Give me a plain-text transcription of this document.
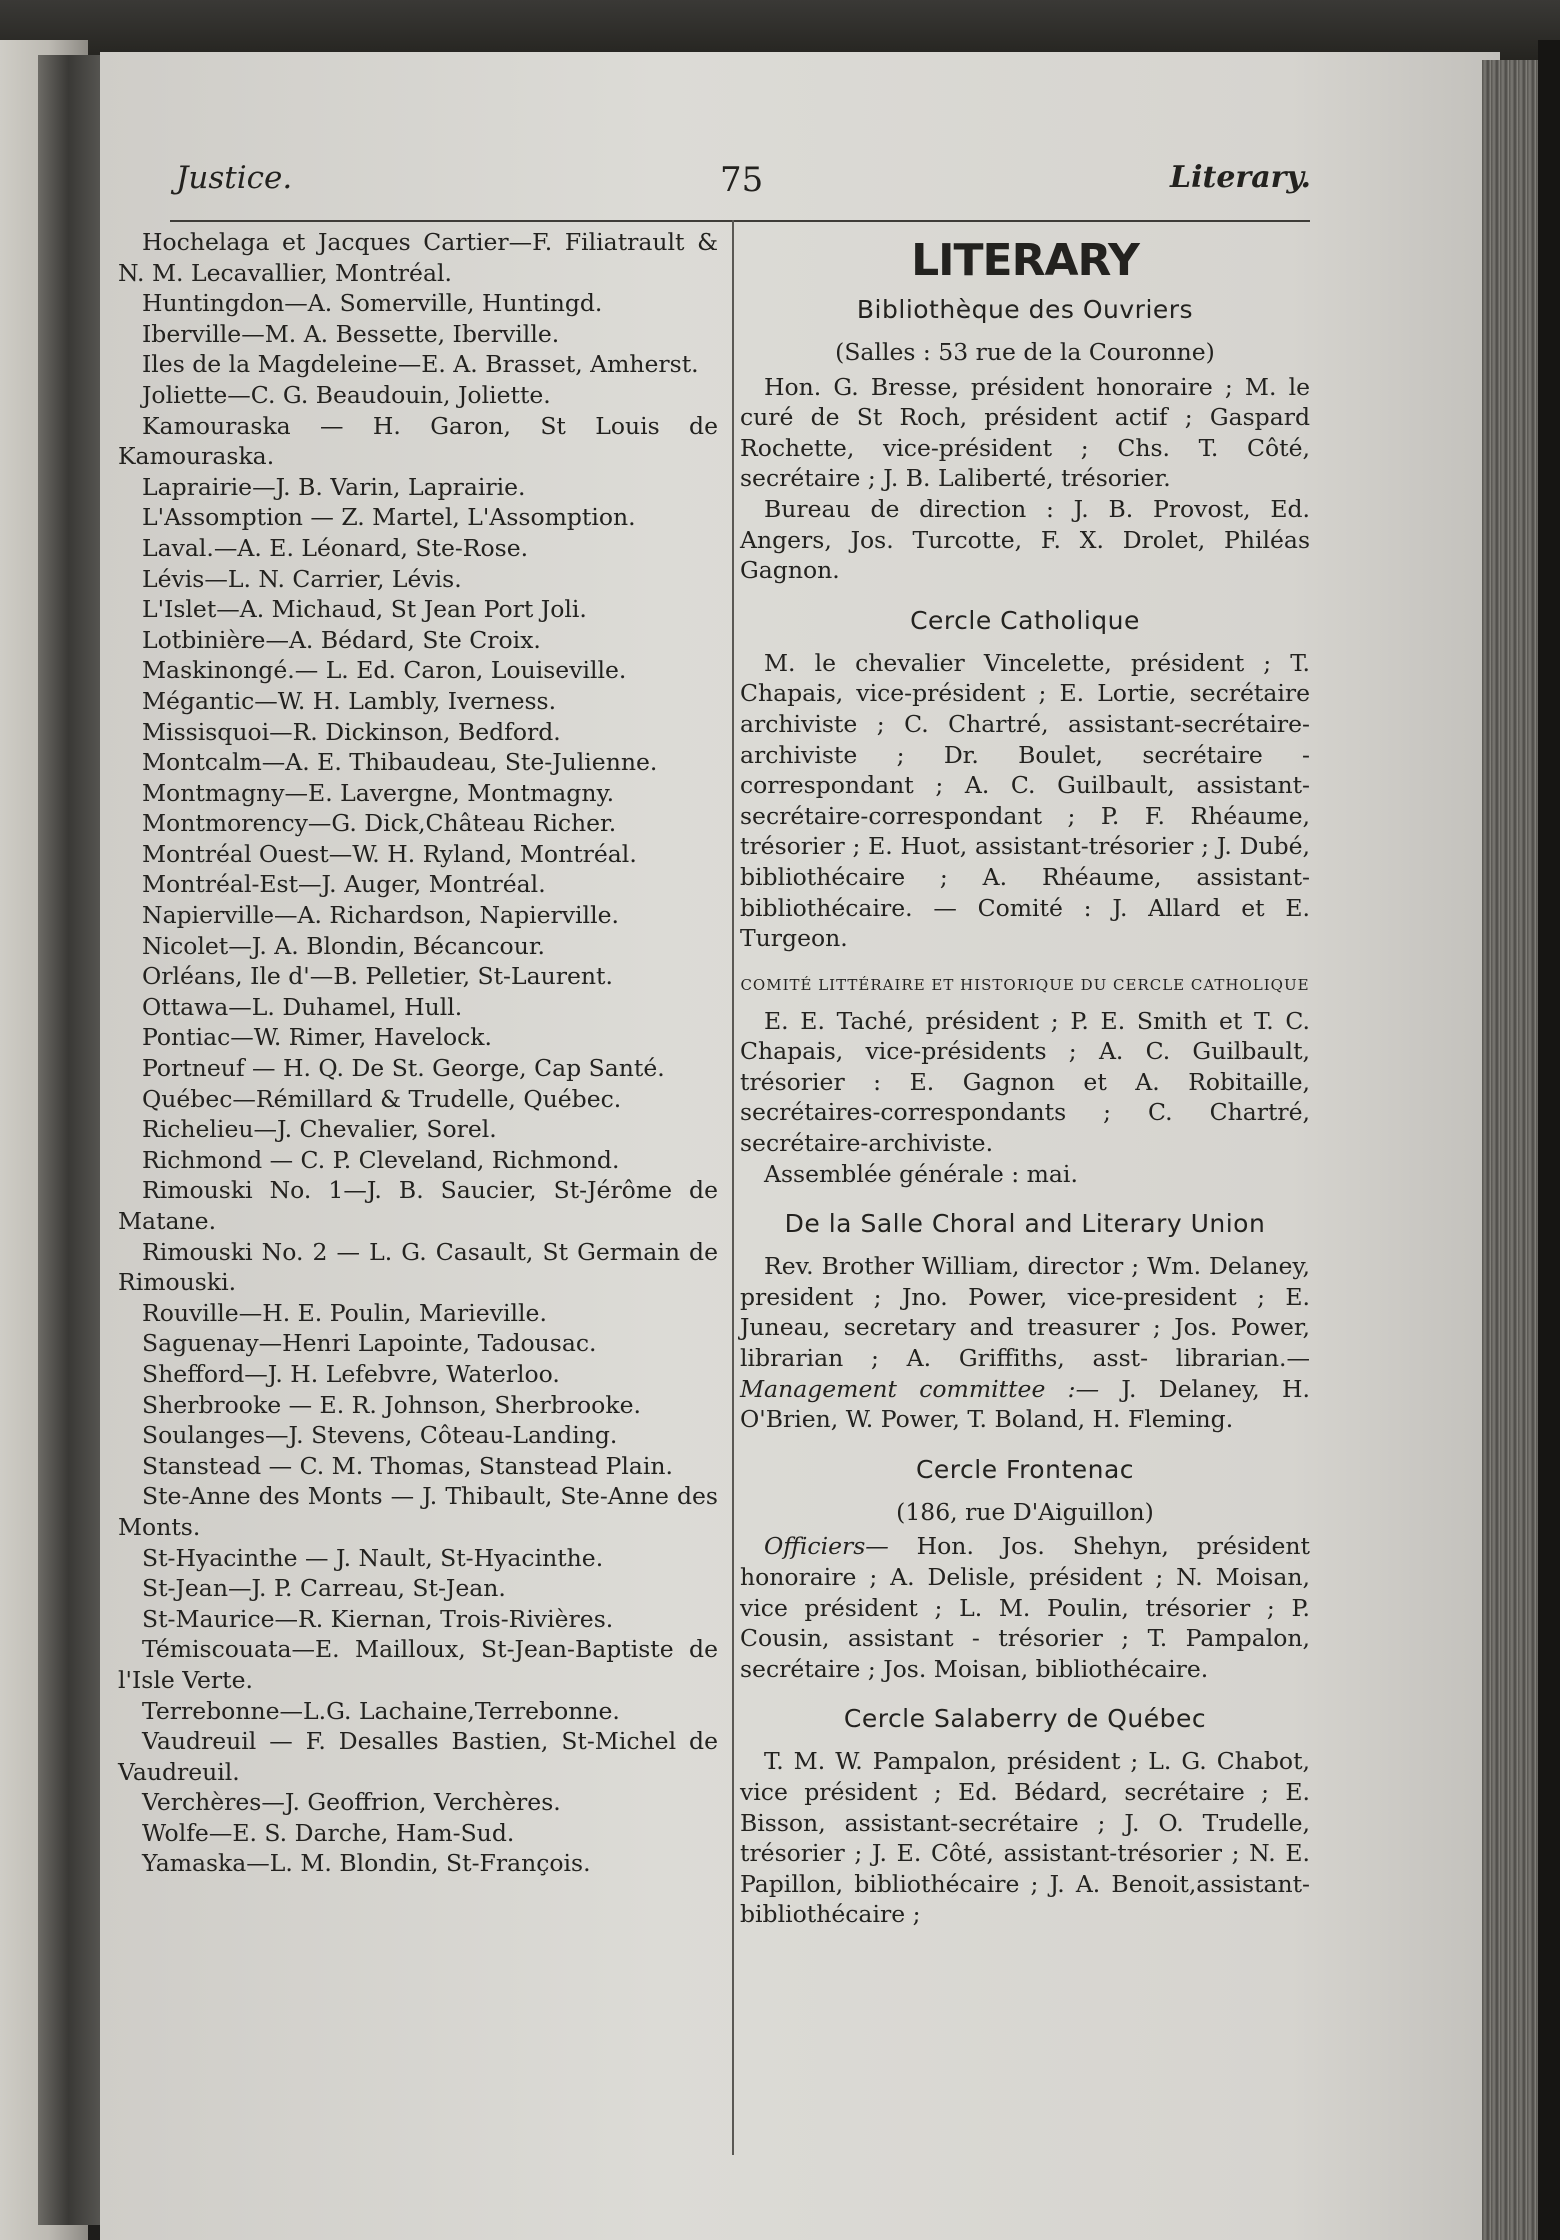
Justice.	75	Literary.

Hochelaga et Jacques Cartier—F. Filiatrault & N. M. Lecavallier, Montréal.

Huntingdon—A. Somerville, Huntingd.

Iberville—M. A. Bessette, Iberville.

Iles de la Magdeleine—E. A. Brasset, Amherst.

Joliette—C. G. Beaudouin, Joliette.

Kamouraska — H. Garon, St Louis de Kamouraska.

Laprairie—J. B. Varin, Laprairie.

L'Assomption — Z. Martel, L'Assomption.

Laval.—A. E. Léonard, Ste-Rose.

Lévis—L. N. Carrier, Lévis.

L'Islet—A. Michaud, St Jean Port Joli.

Lotbinière—A. Bédard, Ste Croix.

Maskinongé.— L. Ed. Caron, Louiseville.

Mégantic—W. H. Lambly, Iverness.

Missisquoi—R. Dickinson, Bedford.

Montcalm—A. E. Thibaudeau, Ste-Julienne.

Montmagny—E. Lavergne, Montmagny.

Montmorency—G. Dick,Château Richer.

Montréal Ouest—W. H. Ryland, Montréal.

Montréal-Est—J. Auger, Montréal.

Napierville—A. Richardson, Napierville.

Nicolet—J. A. Blondin, Bécancour.

Orléans, Ile d'—B. Pelletier, St-Laurent.

Ottawa—L. Duhamel, Hull.

Pontiac—W. Rimer, Havelock.

Portneuf — H. Q. De St. George, Cap Santé.

Québec—Rémillard & Trudelle, Québec.

Richelieu—J. Chevalier, Sorel.

Richmond — C. P. Cleveland, Richmond.

Rimouski No. 1—J. B. Saucier, St-Jérôme de Matane.

Rimouski No. 2 — L. G. Casault, St Germain de Rimouski.

Rouville—H. E. Poulin, Marieville.

Saguenay—Henri Lapointe, Tadousac.

Shefford—J. H. Lefebvre, Waterloo.

Sherbrooke — E. R. Johnson, Sherbrooke.

Soulanges—J. Stevens, Côteau-Landing.

Stanstead — C. M. Thomas, Stanstead Plain.

Ste-Anne des Monts — J. Thibault, Ste-Anne des Monts.

St-Hyacinthe — J. Nault, St-Hyacinthe.

St-Jean—J. P. Carreau, St-Jean.

St-Maurice—R. Kiernan, Trois-Rivières.

Témiscouata—E. Mailloux, St-Jean-Baptiste de l'Isle Verte.

Terrebonne—L.G. Lachaine,Terrebonne.

Vaudreuil — F. Desalles Bastien, St-Michel de Vaudreuil.

Verchères—J. Geoffrion, Verchères.

Wolfe—E. S. Darche, Ham-Sud.

Yamaska—L. M. Blondin, St-François.

LITERARY
Bibliothèque des Ouvriers
(Salles : 53 rue de la Couronne)

Hon. G. Bresse, président honoraire ; M. le curé de St Roch, président actif ; Gaspard Rochette, vice-président ; Chs. T. Côté, secrétaire ; J. B. Laliberté, trésorier.

Bureau de direction : J. B. Provost, Ed. Angers, Jos. Turcotte, F. X. Drolet, Philéas Gagnon.

Cercle Catholique

M. le chevalier Vincelette, président ; T. Chapais, vice-président ; E. Lortie, secrétaire archiviste ; C. Chartré, assistant-secrétaire-archiviste ; Dr. Boulet, secrétaire - correspondant ; A. C. Guilbault, assistant-secrétaire-correspondant ; P. F. Rhéaume, trésorier ; E. Huot, assistant-trésorier ; J. Dubé, bibliothécaire ; A. Rhéaume, assistant-bibliothécaire. — Comité : J. Allard et E. Turgeon.

COMITÉ LITTÉRAIRE ET HISTORIQUE DU CERCLE CATHOLIQUE

E. E. Taché, président ; P. E. Smith et T. C. Chapais, vice-présidents ; A. C. Guilbault, trésorier : E. Gagnon et A. Robitaille, secrétaires-correspondants ; C. Chartré, secrétaire-archiviste.

Assemblée générale : mai.

De la Salle Choral and Literary Union

Rev. Brother William, director ; Wm. Delaney, president ; Jno. Power, vice-president ; E. Juneau, secretary and treasurer ; Jos. Power, librarian ; A. Griffiths, asst- librarian.—Management committee :— J. Delaney, H. O'Brien, W. Power, T. Boland, H. Fleming.

Cercle Frontenac
(186, rue D'Aiguillon)

Officiers— Hon. Jos. Shehyn, président honoraire ; A. Delisle, président ; N. Moisan, vice président ; L. M. Poulin, trésorier ; P. Cousin, assistant - trésorier ; T. Pampalon, secrétaire ; Jos. Moisan, bibliothécaire.

Cercle Salaberry de Québec

T. M. W. Pampalon, président ; L. G. Chabot, vice président ; Ed. Bédard, secrétaire ; E. Bisson, assistant-secrétaire ; J. O. Trudelle, trésorier ; J. E. Côté, assistant-trésorier ; N. E. Papillon, bibliothécaire ; J. A. Benoit,assistant-bibliothécaire ;
